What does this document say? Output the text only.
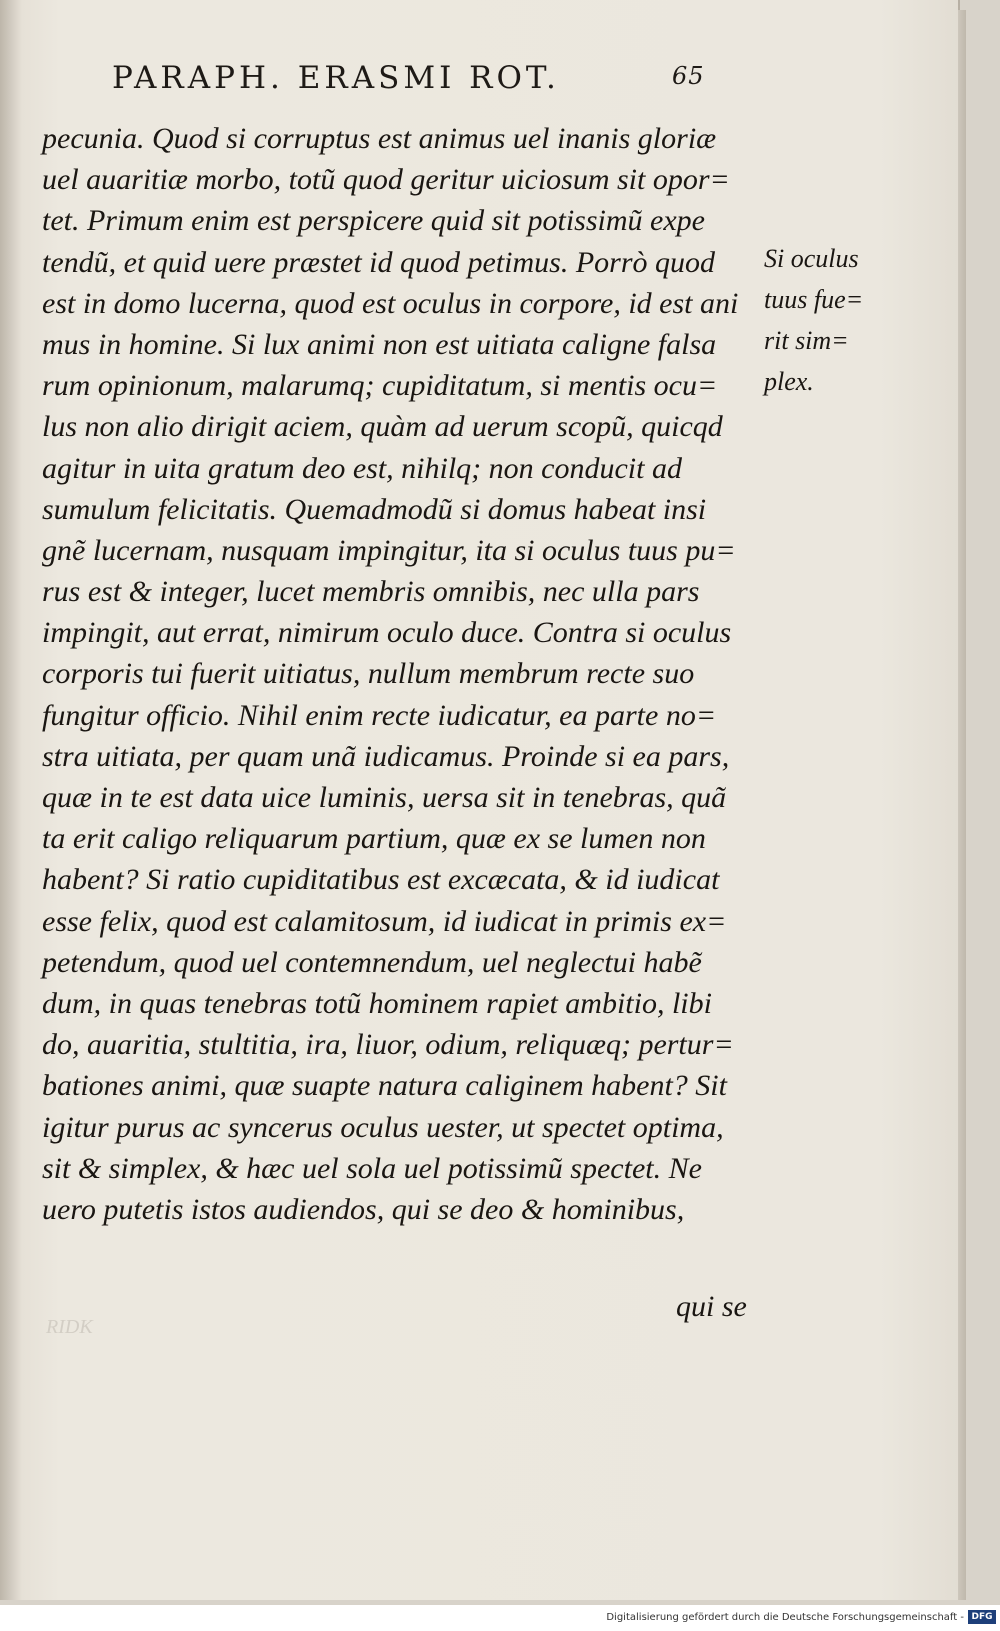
PARAPH. ERASMI ROT.	65
pecunia. Quod si corruptus est animus uel inanis gloriæ
uel auaritiæ morbo, totũ quod geritur uiciosum sit opor=
tet. Primum enim est perspicere quid sit potissimũ expe
tendũ, et quid uere præstet id quod petimus. Porrò quod
est in domo lucerna, quod est oculus in corpore, id est ani
mus in homine. Si lux animi non est uitiata caligne falsa
rum opinionum, malarumq; cupiditatum, si mentis ocu=
lus non alio dirigit aciem, quàm ad uerum scopũ, quicqd
agitur in uita gratum deo est, nihilq; non conducit ad
sumulum felicitatis. Quemadmodũ si domus habeat insi
gnẽ lucernam, nusquam impingitur, ita si oculus tuus pu=
rus est & integer, lucet membris omnibis, nec ulla pars
impingit, aut errat, nimirum oculo duce. Contra si oculus
corporis tui fuerit uitiatus, nullum membrum recte suo
fungitur officio. Nihil enim recte iudicatur, ea parte no=
stra uitiata, per quam unã iudicamus. Proinde si ea pars,
quæ in te est data uice luminis, uersa sit in tenebras, quã
ta erit caligo reliquarum partium, quæ ex se lumen non
habent? Si ratio cupiditatibus est excæcata, & id iudicat
esse felix, quod est calamitosum, id iudicat in primis ex=
petendum, quod uel contemnendum, uel neglectui habẽ
dum, in quas tenebras totũ hominem rapiet ambitio, libi
do, auaritia, stultitia, ira, liuor, odium, reliquæq; pertur=
bationes animi, quæ suapte natura caliginem habent? Sit
igitur purus ac syncerus oculus uester, ut spectet optima,
sit & simplex, & hæc uel sola uel potissimũ spectet. Ne
uero putetis istos audiendos, qui se deo & hominibus,
Si oculus
tuus fue=
rit sim=
plex.
qui se
RIDK
Digitalisierung gefördert durch die Deutsche Forschungsgemeinschaft - DFG
